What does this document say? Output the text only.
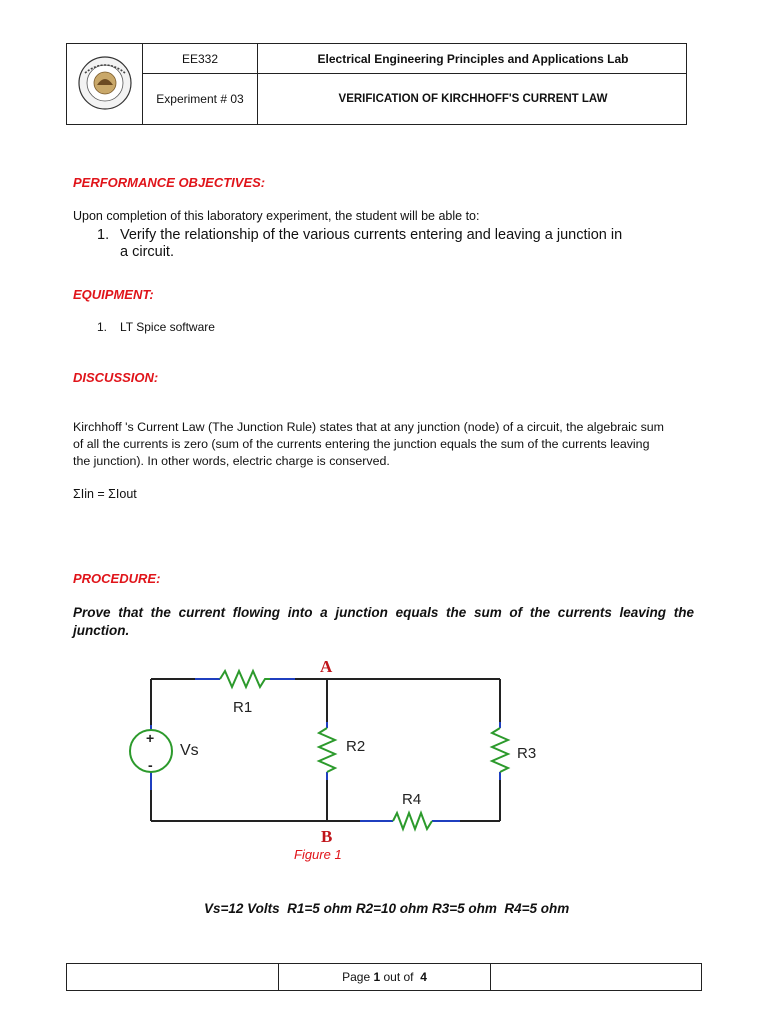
EE332	Electrical Engineering Principles and Applications Lab
Experiment # 03	VERIFICATION OF KIRCHHOFF'S CURRENT LAW
PERFORMANCE OBJECTIVES:
Upon completion of this laboratory experiment, the student will be able to:
1. Verify the relationship of the various currents entering and leaving a junction in
a circuit.
EQUIPMENT:
1. LT Spice software
DISCUSSION:
Kirchhoff 's Current Law (The Junction Rule) states that at any junction (node) of a circuit, the algebraic sum
of all the currents is zero (sum of the currents entering the junction equals the sum of the currents leaving
the junction). In other words, electric charge is conserved.
ΣIin = ΣIout
PROCEDURE:
Prove that the current flowing into a junction equals the sum of the currents leaving the
junction.
A
B
R1
R2	R3
R4
Vs
+
-
Figure 1
Vs=12 Volts  R1=5 ohm R2=10 ohm R3=5 ohm  R4=5 ohm
Page 1 out of 4
